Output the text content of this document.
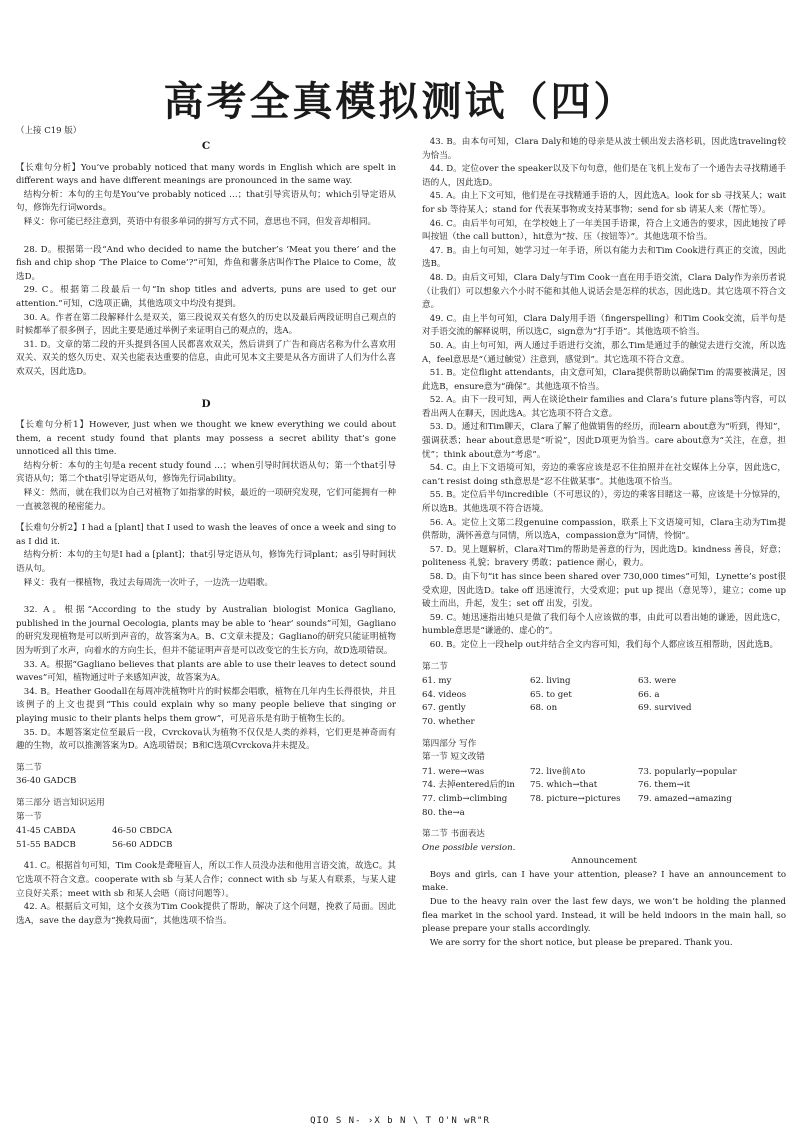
高考全真模拟测试（四）
（上接 C19 版）
C

【长难句分析】You’ve probably noticed that many words in English which are spelt in different ways and have different meanings are pronounced in the same way.

结构分析：本句的主句是You’ve probably noticed …；that引导宾语从句；which引导定语从句，修饰先行词words。

释义：你可能已经注意到，英语中有很多单词的拼写方式不同，意思也不同，但发音却相同。

28. D。根据第一段“And who decided to name the butcher’s ‘Meat you there’ and the fish and chip shop ‘The Plaice to Come’?”可知，炸鱼和薯条店叫作The Plaice to Come，故选D。

29. C。根据第二段最后一句“In shop titles and adverts, puns are used to get our attention.”可知，C选项正确，其他选项文中均没有提到。

30. A。作者在第二段解释什么是双关，第三段说双关有悠久的历史以及最后两段证明自己观点的时候都举了很多例子，因此主要是通过举例子来证明自己的观点的，选A。

31. D。文章的第二段的开头提到各国人民都喜欢双关，然后讲到了广告和商店名称为什么喜欢用双关、双关的悠久历史、双关也能表达重要的信息，由此可见本文主要是从各方面讲了人们为什么喜欢双关，因此选D。

D

【长难句分析1】However, just when we thought we knew everything we could about them, a recent study found that plants may possess a secret ability that’s gone unnoticed all this time.

结构分析：本句的主句是a recent study found …；when引导时间状语从句；第一个that引导宾语从句；第二个that引导定语从句，修饰先行词ability。

释义：然而，就在我们以为自己对植物了如指掌的时候，最近的一项研究发现，它们可能拥有一种一直被忽视的秘密能力。

【长难句分析2】I had a [plant] that I used to wash the leaves of once a week and sing to as I did it.

结构分析：本句的主句是I had a [plant]；that引导定语从句，修饰先行词plant；as引导时间状语从句。

释义：我有一棵植物，我过去每周洗一次叶子，一边洗一边唱歌。

32. A。根据“According to the study by Australian biologist Monica Gagliano, published in the journal Oecologia, plants may be able to ‘hear’ sounds”可知，Gagliano的研究发现植物是可以听到声音的，故答案为A。B、C文章未提及；Gagliano的研究只能证明植物因为听到了水声，向着水的方向生长，但并不能证明声音是可以改变它的生长方向，故D选项错误。

33. A。根据“Gagliano believes that plants are able to use their leaves to detect sound waves”可知，植物通过叶子来感知声波，故答案为A。

34. B。Heather Goodall在每周冲洗植物叶片的时候都会唱歌，植物在几年内生长得很快，并且该例子的上文也提到“This could explain why so many people believe that singing or playing music to their plants helps them grow”，可见音乐是有助于植物生长的。

35. D。本题答案定位至最后一段，Cvrckova认为植物不仅仅是人类的养料，它们更是神奇而有趣的生物，故可以推测答案为D。A选项错误；B和C选项Cvrckova并未提及。

第二节

36-40 GADCB

第三部分 语言知识运用

第一节

41-45 CABDA	46-50 CBDCA
51-55 BADCB	56-60 ADDCB

41. C。根据首句可知，Tim Cook是聋哑盲人，所以工作人员没办法和他用言语交流，故选C。其它选项不符合文意。cooperate with sb 与某人合作；connect with sb 与某人有联系，与某人建立良好关系；meet with sb 和某人会晤（商讨问题等）。

42. A。根据后文可知，这个女孩为Tim Cook提供了帮助，解决了这个问题，挽救了局面。因此选A，save the day意为“挽救局面”，其他选项不恰当。

43. B。由本句可知，Clara Daly和她的母亲是从波士顿出发去洛杉矶，因此选traveling较为恰当。

44. D。定位over the speaker以及下句句意，他们是在飞机上发布了一个通告去寻找精通手语的人，因此选D。

45. A。由上下文可知，他们是在寻找精通手语的人，因此选A。look for sb 寻找某人；wait for sb 等待某人；stand for 代表某事物或支持某事物；send for sb 请某人来（帮忙等）。

46. C。由后半句可知，在学校她上了一年美国手语课，符合上文通告的要求，因此她按了呼叫按钮（the call button），hit意为“按、压（按钮等）”。其他选项不恰当。

47. B。由上句可知，她学习过一年手语，所以有能力去和Tim Cook进行真正的交流，因此选B。

48. D。由后文可知，Clara Daly与Tim Cook一直在用手语交流，Clara Daly作为亲历者说（让我们）可以想象六个小时不能和其他人说话会是怎样的状态，因此选D。其它选项不符合文意。

49. C。由上半句可知，Clara Daly用手语（fingerspelling）和Tim Cook交流，后半句是对手语交流的解释说明，所以选C，sign意为“打手语”。其他选项不恰当。

50. A。由上句可知，两人通过手语进行交流，那么Tim是通过手的触觉去进行交流，所以选A，feel意思是“（通过触觉）注意到，感觉到”。其它选项不符合文意。

51. B。定位flight attendants，由文意可知，Clara提供帮助以确保Tim 的需要被满足，因此选B，ensure意为“确保”。其他选项不恰当。

52. A。由下一段可知，两人在谈论their families and Clara’s future plans等内容，可以看出两人在聊天，因此选A。其它选项不符合文意。

53. D。通过和Tim聊天，Clara了解了他做销售的经历，而learn about意为“听到，得知”，强调获悉；hear about意思是“听说”，因此D项更为恰当。care about意为“关注，在意，担忧”；think about意为“考虑”。

54. C。由上下文语境可知，旁边的乘客应该是忍不住拍照并在社交媒体上分享，因此选C，can’t resist doing sth意思是“忍不住做某事”。其他选项不恰当。

55. B。定位后半句incredible（不可思议的），旁边的乘客目睹这一幕，应该是十分惊异的，所以选B。其他选项不符合语境。

56. A。定位上文第二段genuine compassion，联系上下文语境可知，Clara主动为Tim提供帮助，满怀善意与同情，所以选A，compassion意为“同情，怜悯”。

57. D。见上题解析，Clara对Tim的帮助是善意的行为，因此选D。kindness 善良，好意；politeness 礼貌；bravery 勇敢；patience 耐心，毅力。

58. D。由下句“it has since been shared over 730,000 times”可知，Lynette’s post很受欢迎，因此选D。take off 迅速流行，大受欢迎；put up 提出（意见等），建立；come up 破土而出，升起，发生；set off 出发，引发。

59. C。她迅速指出她只是做了我们每个人应该做的事，由此可以看出她的谦逊，因此选C，humble意思是“谦逊的、虚心的”。

60. B。定位上一段help out并结合全文内容可知，我们每个人都应该互相帮助，因此选B。

第二节

61. my	62. living	63. were
64. videos	65. to get	66. a
67. gently	68. on	69. survived
70. whether

第四部分 写作

第一节 短文改错

71. were→was	72. live前∧to	73. popularly→popular
74. 去掉entered后的in	75. which→that	76. them→it
77. climb→climbing	78. picture→pictures	79. amazed→amazing
80. the→a

第二节 书面表达

One possible version.

Announcement

Boys and girls, can I have your attention, please? I have an announcement to make.

Due to the heavy rain over the last few days, we won’t be holding the planned flea market in the school yard. Instead, it will be held indoors in the main hall, so please prepare your stalls accordingly.

We are sorry for the short notice, but please be prepared. Thank you.

QIO S N- ›X b N \ T O'N wR"R
